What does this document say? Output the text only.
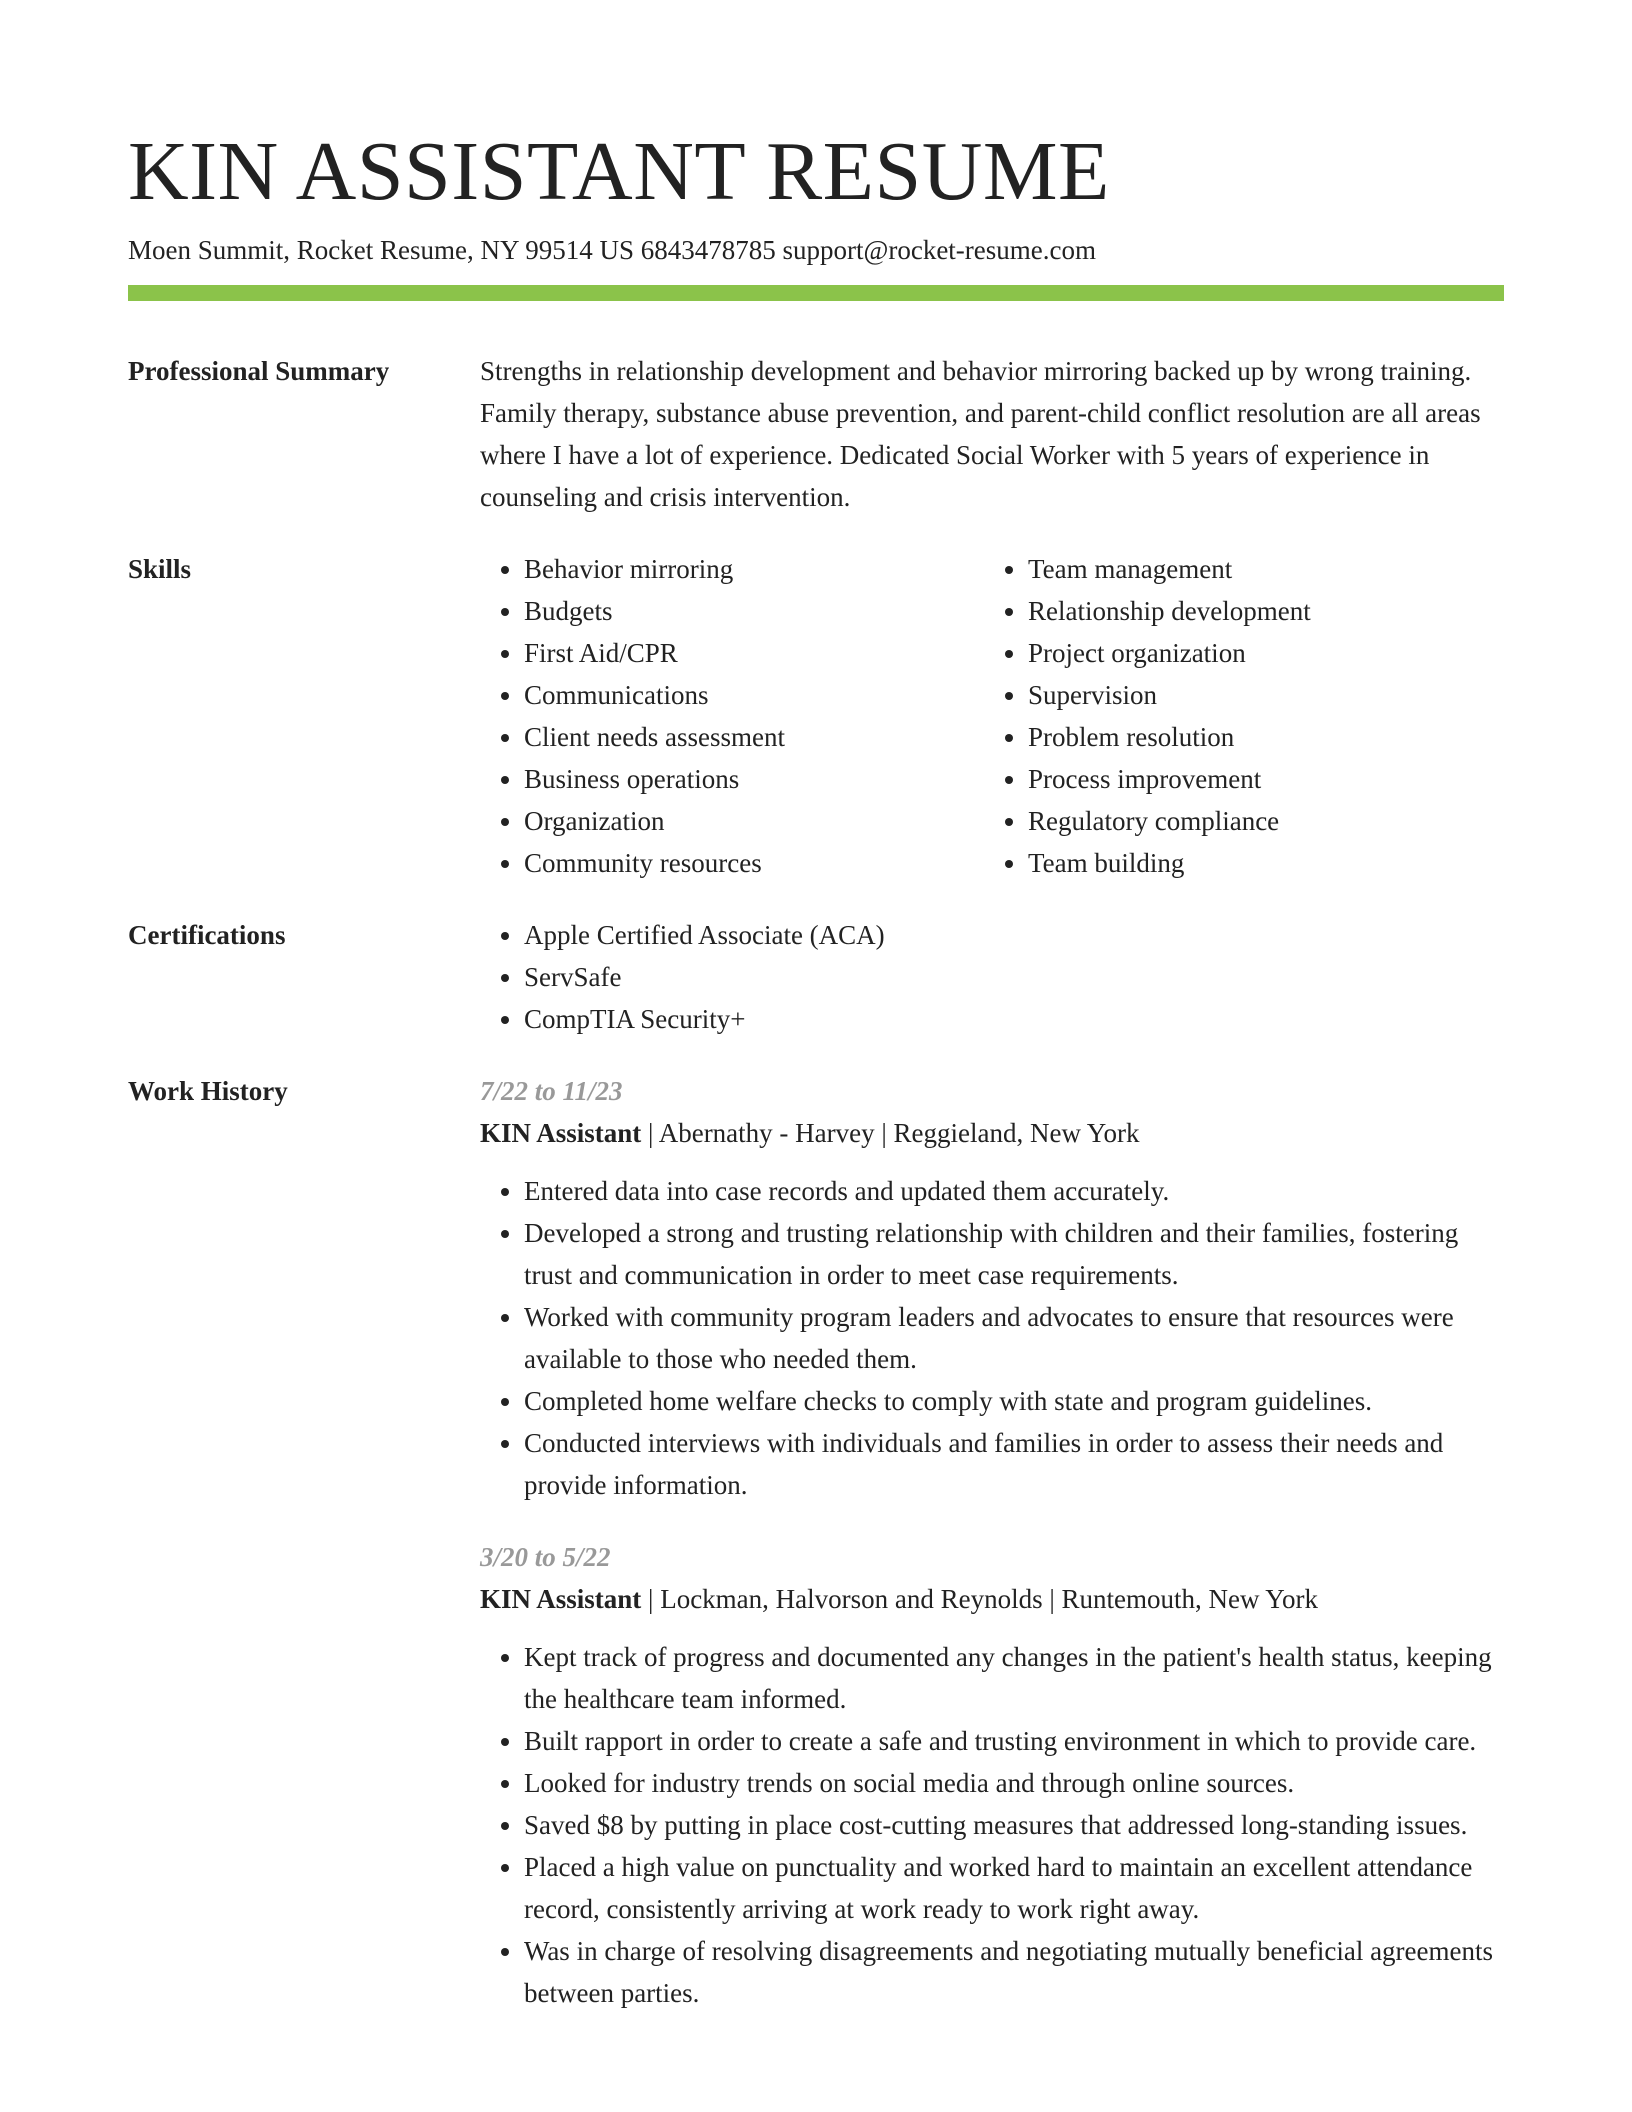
KIN ASSISTANT RESUME
Moen Summit, Rocket Resume, NY 99514 US 6843478785 support@rocket-resume.com
Professional Summary	Strengths in relationship development and behavior mirroring backed up by wrong training. Family therapy, substance abuse prevention, and parent-child conflict resolution are all areas where I have a lot of experience. Dedicated Social Worker with 5 years of experience in counseling and crisis intervention.

Skills	• Behavior mirroring
• Budgets
• First Aid/CPR
• Communications
• Client needs assessment
• Business operations
• Organization
• Community resources
• Team management
• Relationship development
• Project organization
• Supervision
• Problem resolution
• Process improvement
• Regulatory compliance
• Team building
Certifications	• Apple Certified Associate (ACA)
• ServSafe
• CompTIA Security+
Work History	7/22 to 11/23
KIN Assistant | Abernathy - Harvey | Reggieland, New York
• Entered data into case records and updated them accurately.
• Developed a strong and trusting relationship with children and their families, fostering trust and communication in order to meet case requirements.
• Worked with community program leaders and advocates to ensure that resources were available to those who needed them.
• Completed home welfare checks to comply with state and program guidelines.
• Conducted interviews with individuals and families in order to assess their needs and provide information.
3/20 to 5/22
KIN Assistant | Lockman, Halvorson and Reynolds | Runtemouth, New York
• Kept track of progress and documented any changes in the patient's health status, keeping the healthcare team informed.
• Built rapport in order to create a safe and trusting environment in which to provide care.
• Looked for industry trends on social media and through online sources.
• Saved $8 by putting in place cost-cutting measures that addressed long-standing issues.
• Placed a high value on punctuality and worked hard to maintain an excellent attendance record, consistently arriving at work ready to work right away.
• Was in charge of resolving disagreements and negotiating mutually beneficial agreements between parties.
